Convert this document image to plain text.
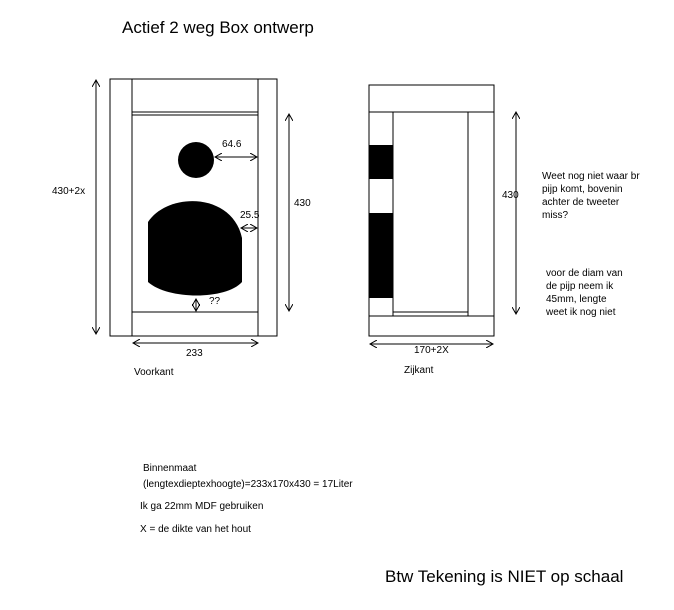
Actief 2 weg Box ontwerp
430+2x
430
64.6
25.5
??
233
Voorkant
430
170+2X
Zijkant
Weet nog niet waar br
pijp komt, bovenin
achter de tweeter
miss?
voor de diam van
de pijp neem ik
45mm, lengte
weet ik nog niet
Binnenmaat
(lengtexdieptexhoogte)=233x170x430 = 17Liter
Ik ga 22mm MDF gebruiken
X = de dikte van het hout
Btw Tekening is NIET op schaal
